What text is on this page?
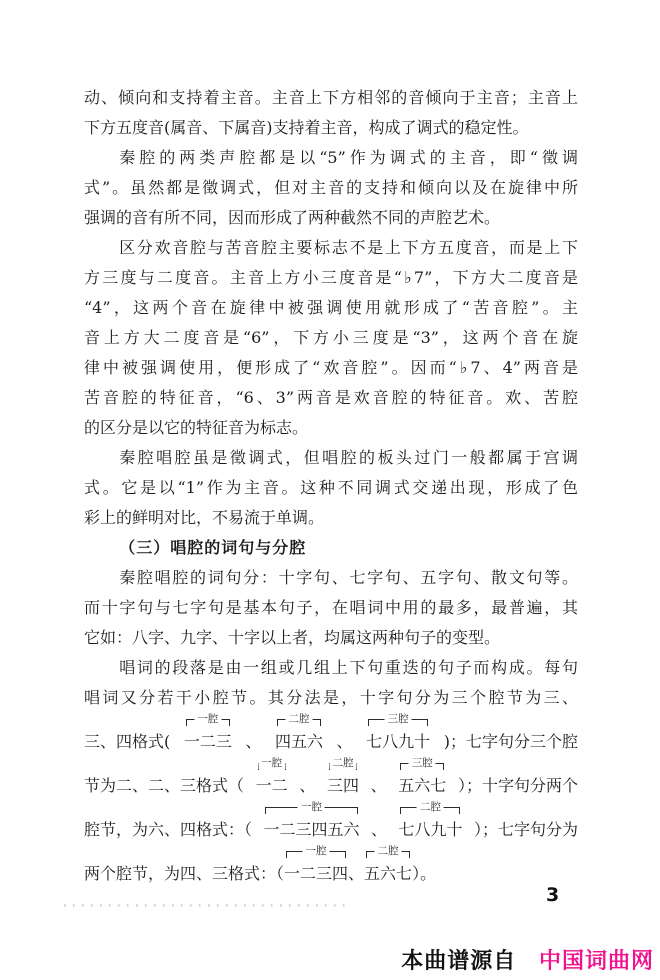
动、倾向和支持着主音。主音上下方相邻的音倾向于主音；主音上
下方五度音(属音、下属音)支持着主音，构成了调式的稳定性。
秦腔的两类声腔都是以“5”作为调式的主音，即“徵调
式”。虽然都是徵调式，但对主音的支持和倾向以及在旋律中所
强调的音有所不同，因而形成了两种截然不同的声腔艺术。
区分欢音腔与苦音腔主要标志不是上下方五度音，而是上下
方三度与二度音。主音上方小三度音是“♭7”，下方大二度音是
“4”，这两个音在旋律中被强调使用就形成了“苦音腔”。主
音上方大二度音是“6”，下方小三度是“3”，这两个音在旋
律中被强调使用，便形成了“欢音腔”。因而“♭7、4”两音是
苦音腔的特征音，“6、3”两音是欢音腔的特征音。欢、苦腔
的区分是以它的特征音为标志。
秦腔唱腔虽是徵调式，但唱腔的板头过门一般都属于宫调
式。它是以“1”作为主音。这种不同调式交递出现，形成了色
彩上的鲜明对比，不易流于单调。
（三）唱腔的词句与分腔
秦腔唱腔的词句分：十字句、七字句、五字句、散文句等。
而十字句与七字句是基本句子，在唱词中用的最多，最普遍，其
它如：八字、九字、十字以上者，均属这两种句子的变型。
唱词的段落是由一组或几组上下句重迭的句子而构成。每句
唱词又分若干小腔节。其分法是，十字句分为三个腔节为三、
三、四格式(
一腔
一二三 、
二腔
四五六 、
三腔
七八九十 )；七字句分三个腔
节为二、二、三格式（
一腔
一二 、
二腔
三四 、
三腔
五六七 ）；十字句分两个
腔节，为六、四格式：（
一腔
一二三四五六 、
二腔
七八九十 ）；七字句分为
两个腔节，为四、三格式：（
一腔
一二三四 、
二腔
五六七 ）。
3
本曲谱源自 中国词曲网
